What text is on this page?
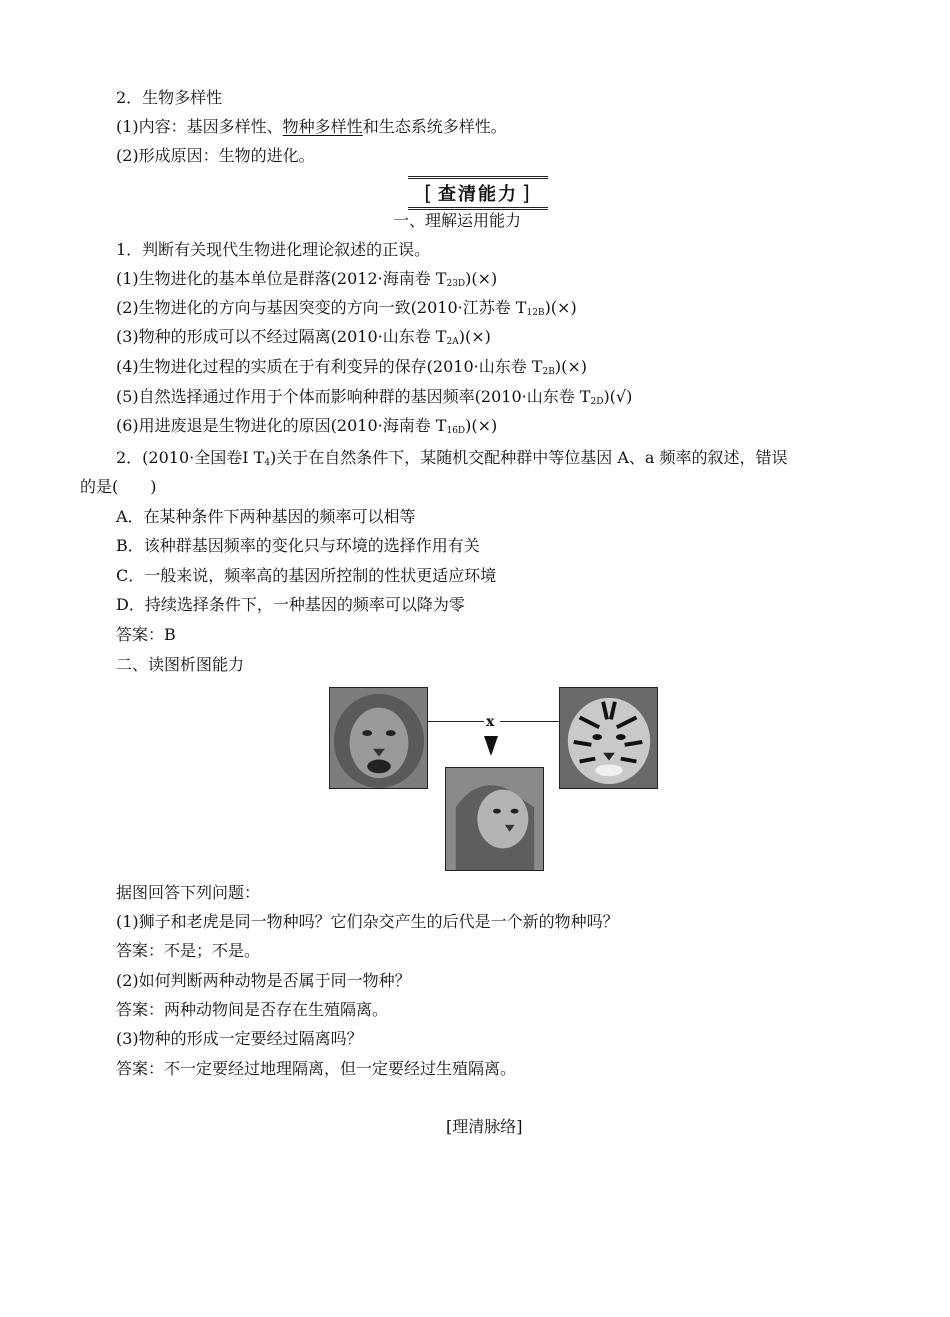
2．生物多样性
(1)内容：基因多样性、物种多样性和生态系统多样性。
(2)形成原因：生物的进化。
[ 查清能力 ]
一、理解运用能力
1．判断有关现代生物进化理论叙述的正误。
(1)生物进化的基本单位是群落(2012·海南卷 $T_{23D})(\times)$
(2)生物进化的方向与基因突变的方向一致(2010·江苏卷 $T_{12B})(\times)$
(3)物种的形成可以不经过隔离(2010·山东卷 $T_{2A})(\times)$
(4)生物进化过程的实质在于有利变异的保存(2010·山东卷 $T_{2B})(\times)$
(5)自然选择通过作用于个体而影响种群的基因频率(2010·山东卷 $T_{2D})(√)$
(6)用进废退是生物进化的原因(2010·海南卷 $T_{16D})(\times)$
2．(2010·全国卷Ⅰ $T_4$)关于在自然条件下，某随机交配种群中等位基因 A、a 频率的叙述，错误
的是(　　)
A．在某种条件下两种基因的频率可以相等
B．该种群基因频率的变化只与环境的选择作用有关
C．一般来说，频率高的基因所控制的性状更适应环境
D．持续选择条件下，一种基因的频率可以降为零
答案：B
二、读图析图能力
x
据图回答下列问题：
(1)狮子和老虎是同一物种吗？它们杂交产生的后代是一个新的物种吗？
答案：不是；不是。
(2)如何判断两种动物是否属于同一物种？
答案：两种动物间是否存在生殖隔离。
(3)物种的形成一定要经过隔离吗？
答案：不一定要经过地理隔离，但一定要经过生殖隔离。
[理清脉络]
